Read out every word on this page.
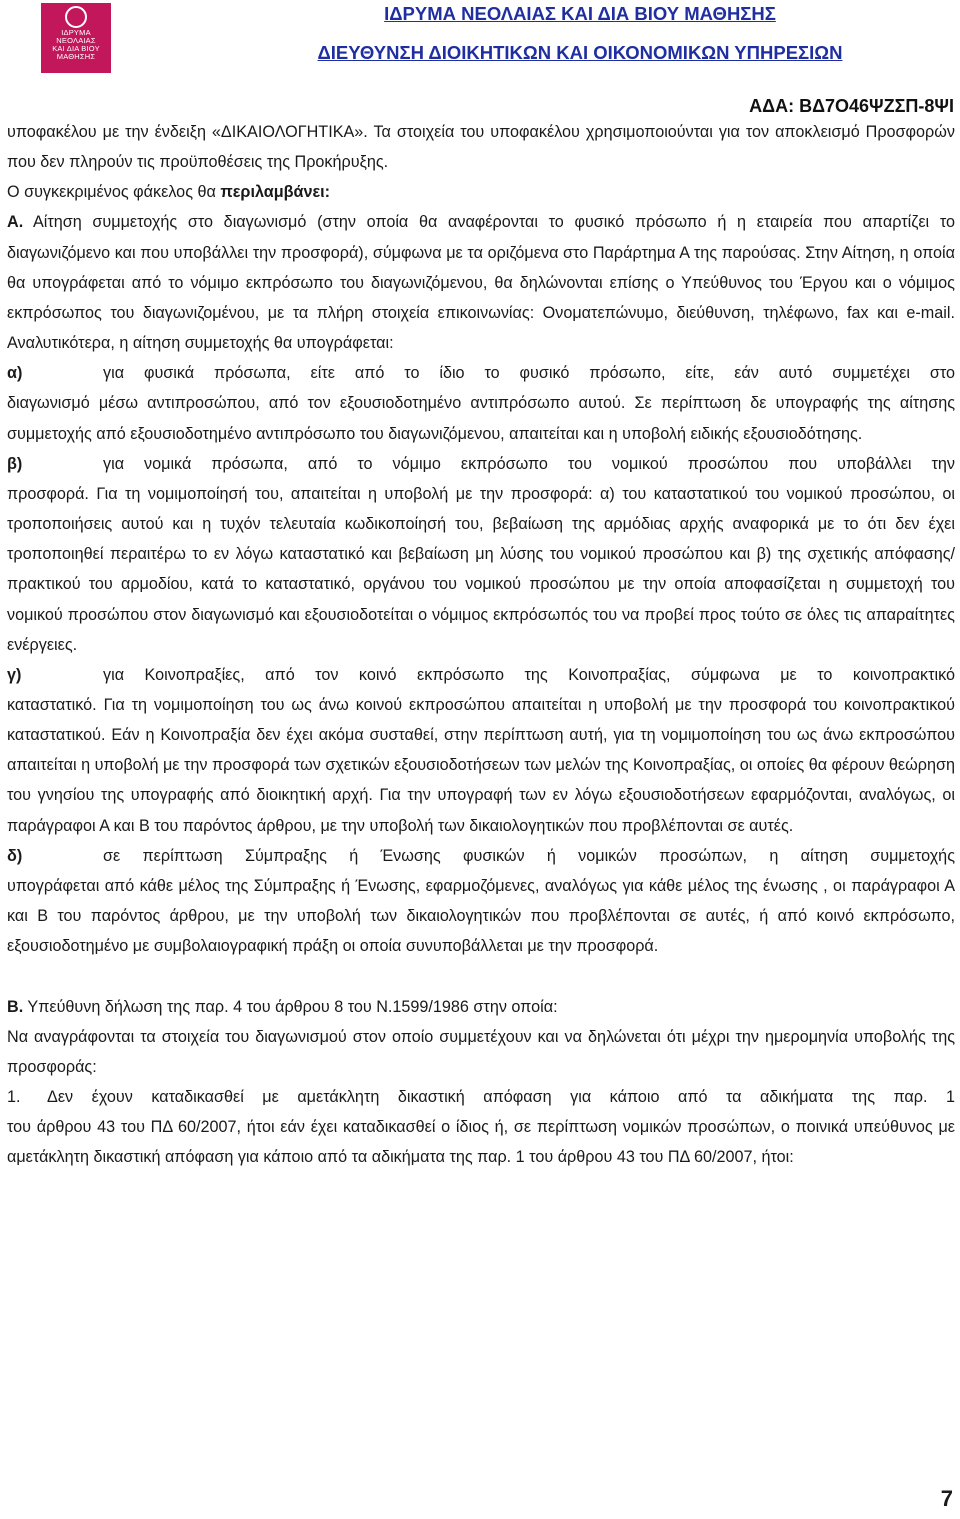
ΙΔΡΥΜΑ
ΝΕΟΛΑΙΑΣ
ΚΑΙ ΔΙΑ ΒΙΟΥ
ΜΑΘΗΣΗΣ
ΙΔΡΥΜΑ ΝΕΟΛΑΙΑΣ ΚΑΙ ΔΙΑ ΒΙΟΥ ΜΑΘΗΣΗΣ
ΔΙΕΥΘΥΝΣΗ ΔΙΟΙΚΗΤΙΚΩΝ ΚΑΙ ΟΙΚΟΝΟΜΙΚΩΝ ΥΠΗΡΕΣΙΩΝ
ΑΔΑ: ΒΔ7Ο46ΨΖΣΠ-8ΨΙ

υποφακέλου με την ένδειξη «ΔΙΚΑΙΟΛΟΓΗΤΙΚΑ». Τα στοιχεία του υποφακέλου χρησιμοποιούνται για τον αποκλεισμό Προσφορών που δεν πληρούν τις προϋποθέσεις της Προκήρυξης.

Ο συγκεκριμένος φάκελος θα περιλαμβάνει:

Α. Αίτηση συμμετοχής στο διαγωνισμό (στην οποία θα αναφέρονται το φυσικό πρόσωπο ή η εταιρεία που απαρτίζει το διαγωνιζόμενο και που υποβάλλει την προσφορά), σύμφωνα με τα οριζόμενα στο Παράρτημα Α της παρούσας. Στην Αίτηση, η οποία θα υπογράφεται από το νόμιμο εκπρόσωπο του διαγωνιζόμενου, θα δηλώνονται επίσης ο Υπεύθυνος του Έργου και ο νόμιμος εκπρόσωπος του διαγωνιζομένου, με τα πλήρη στοιχεία επικοινωνίας: Ονοματεπώνυμο, διεύθυνση, τηλέφωνο, fax και e-mail. Αναλυτικότερα, η αίτηση συμμετοχής θα υπογράφεται:

α)	για φυσικά πρόσωπα, είτε από το ίδιο το φυσικό πρόσωπο, είτε, εάν αυτό συμμετέχει στο

διαγωνισμό μέσω αντιπροσώπου, από τον εξουσιοδοτημένο αντιπρόσωπο αυτού. Σε περίπτωση δε υπογραφής της αίτησης συμμετοχής από εξουσιοδοτημένο αντιπρόσωπο του διαγωνιζόμενου, απαιτείται και η υποβολή ειδικής εξουσιοδότησης.

β)	για νομικά πρόσωπα, από το νόμιμο εκπρόσωπο του νομικού προσώπου που υποβάλλει την

προσφορά. Για τη νομιμοποίησή του, απαιτείται η υποβολή με την προσφορά: α) του καταστατικού του νομικού προσώπου, οι τροποποιήσεις αυτού και η τυχόν τελευταία κωδικοποίησή του, βεβαίωση της αρμόδιας αρχής αναφορικά με το ότι δεν έχει τροποποιηθεί περαιτέρω το εν λόγω καταστατικό και βεβαίωση μη λύσης του νομικού προσώπου και β) της σχετικής απόφασης/ πρακτικού του αρμοδίου, κατά το καταστατικό, οργάνου του νομικού προσώπου με την οποία αποφασίζεται η συμμετοχή του νομικού προσώπου στον διαγωνισμό και εξουσιοδοτείται ο νόμιμος εκπρόσωπός του να προβεί προς τούτο σε όλες τις απαραίτητες ενέργειες.

γ)	για Κοινοπραξίες, από τον κοινό εκπρόσωπο της Κοινοπραξίας, σύμφωνα με το κοινοπρακτικό

καταστατικό. Για τη νομιμοποίηση του ως άνω κοινού εκπροσώπου απαιτείται η υποβολή με την προσφορά του κοινοπρακτικού καταστατικού. Εάν η Κοινοπραξία δεν έχει ακόμα συσταθεί, στην περίπτωση αυτή, για τη νομιμοποίηση του ως άνω εκπροσώπου απαιτείται η υποβολή με την προσφορά των σχετικών εξουσιοδοτήσεων των μελών της Κοινοπραξίας, οι οποίες θα φέρουν θεώρηση του γνησίου της υπογραφής από διοικητική αρχή. Για την υπογραφή των εν λόγω εξουσιοδοτήσεων εφαρμόζονται, αναλόγως, οι παράγραφοι Α και Β του παρόντος άρθρου, με την υποβολή των δικαιολογητικών που προβλέπονται σε αυτές.

δ)	σε περίπτωση Σύμπραξης ή Ένωσης φυσικών ή νομικών προσώπων, η αίτηση συμμετοχής

υπογράφεται από κάθε μέλος της Σύμπραξης ή Ένωσης, εφαρμοζόμενες, αναλόγως για κάθε μέλος της ένωσης , οι παράγραφοι Α και Β του παρόντος άρθρου, με την υποβολή των δικαιολογητικών που προβλέπονται σε αυτές, ή από κοινό εκπρόσωπο, εξουσιοδοτημένο με συμβολαιογραφική πράξη οι οποία συνυποβάλλεται με την προσφορά.

Β. Υπεύθυνη δήλωση της παρ. 4 του άρθρου 8 του Ν.1599/1986 στην οποία:

Να αναγράφονται τα στοιχεία του διαγωνισμού στον οποίο συμμετέχουν και να δηλώνεται ότι μέχρι την ημερομηνία υποβολής της προσφοράς:

1.	Δεν έχουν καταδικασθεί με αμετάκλητη δικαστική απόφαση για κάποιο από τα αδικήματα της παρ. 1

του άρθρου 43 του ΠΔ 60/2007, ήτοι εάν έχει καταδικασθεί ο ίδιος ή, σε περίπτωση νομικών προσώπων, ο ποινικά υπεύθυνος με αμετάκλητη δικαστική απόφαση για κάποιο από τα αδικήματα της παρ. 1 του άρθρου 43 του ΠΔ 60/2007, ήτοι:

7
